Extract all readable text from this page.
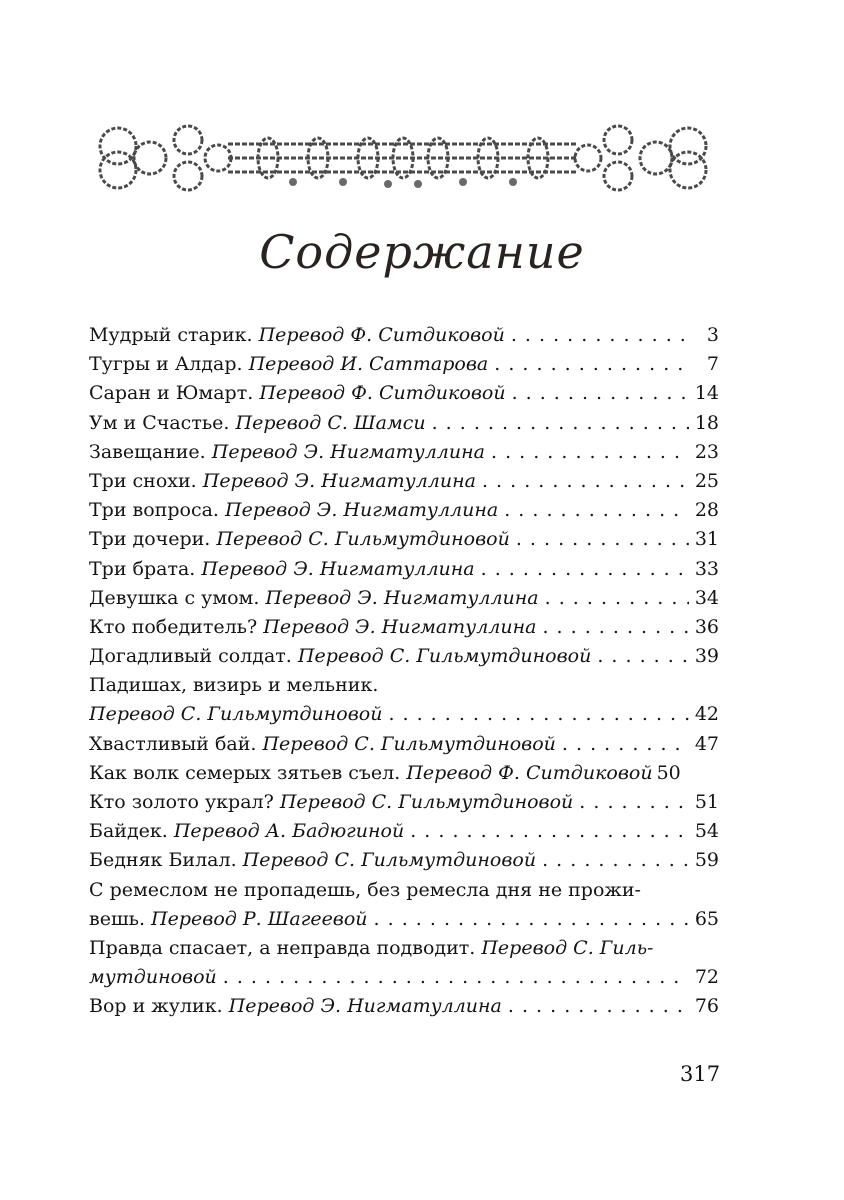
Содержание
Мудрый старик. Перевод Ф. Ситдиковой . . .	3
Тугры и Алдар. Перевод И. Саттарова . . .	7
Саран и Юмарт. Перевод Ф. Ситдиковой . . .	14
Ум и Счастье. Перевод С. Шамси . . .	18
Завещание. Перевод Э. Нигматуллина . . .	23
Три снохи. Перевод Э. Нигматуллина . . .	25
Три вопроса. Перевод Э. Нигматуллина . . .	28
Три дочери. Перевод С. Гильмутдиновой . . .	31
Три брата. Перевод Э. Нигматуллина . . .	33
Девушка с умом. Перевод Э. Нигматуллина . . .	34
Кто победитель? Перевод Э. Нигматуллина . . .	36
Догадливый солдат. Перевод С. Гильмутдиновой . . .	39
Падишах, визирь и мельник.
Перевод С. Гильмутдиновой . . .	42
Хвастливый бай. Перевод С. Гильмутдиновой . . .	47
Как волк семерых зятьев съел. Перевод Ф. Ситдиковой 50
Кто золото украл? Перевод С. Гильмутдиновой . . .	51
Байдек. Перевод А. Бадюгиной . . .	54
Бедняк Билал. Перевод С. Гильмутдиновой . . .	59
С ремеслом не пропадешь, без ремесла дня не прожи-
вешь. Перевод Р. Шагеевой . . .	65
Правда спасает, а неправда подводит. Перевод С. Гиль-
мутдиновой . . .	72
Вор и жулик. Перевод Э. Нигматуллина . . .	76
317
